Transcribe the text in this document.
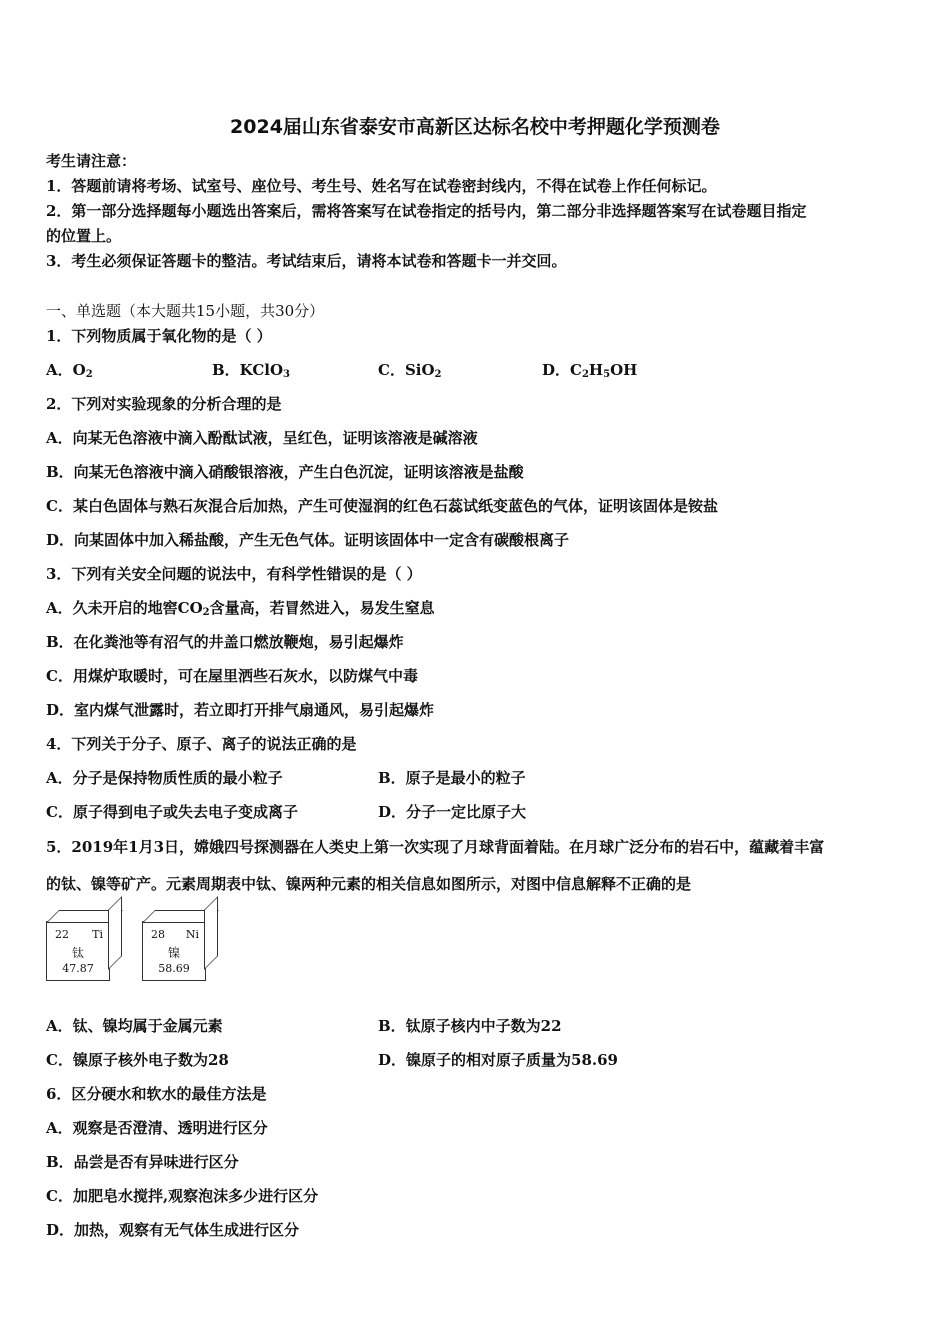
2024届山东省泰安市高新区达标名校中考押题化学预测卷
考生请注意：
1．答题前请将考场、试室号、座位号、考生号、姓名写在试卷密封线内，不得在试卷上作任何标记。
2．第一部分选择题每小题选出答案后，需将答案写在试卷指定的括号内，第二部分非选择题答案写在试卷题目指定
的位置上。
3．考生必须保证答题卡的整洁。考试结束后，请将本试卷和答题卡一并交回。
一、单选题（本大题共15小题，共30分）
1．下列物质属于氧化物的是（ ）
A．$O_2$	B．KClO$_3$	C．SiO$_2$	D．$C_2H_5OH$
2．下列对实验现象的分析合理的是
A．向某无色溶液中滴入酚酞试液，呈红色，证明该溶液是碱溶液
B．向某无色溶液中滴入硝酸银溶液，产生白色沉淀，证明该溶液是盐酸
C．某白色固体与熟石灰混合后加热，产生可使湿润的红色石蕊试纸变蓝色的气体，证明该固体是铵盐
D．向某固体中加入稀盐酸，产生无色气体。证明该固体中一定含有碳酸根离子
3．下列有关安全问题的说法中，有科学性错误的是（ ）
A．久未开启的地窖$CO_2$含量高，若冒然进入，易发生窒息
B．在化粪池等有沼气的井盖口燃放鞭炮，易引起爆炸
C．用煤炉取暖时，可在屋里洒些石灰水，以防煤气中毒
D．室内煤气泄露时，若立即打开排气扇通风，易引起爆炸
4．下列关于分子、原子、离子的说法正确的是
A．分子是保持物质性质的最小粒子	B．原子是最小的粒子
C．原子得到电子或失去电子变成离子	D．分子一定比原子大
5．2019年1月3日，嫦娥四号探测器在人类史上第一次实现了月球背面着陆。在月球广泛分布的岩石中，蕴藏着丰富
的钛、镍等矿产。元素周期表中钛、镍两种元素的相关信息如图所示，对图中信息解释不正确的是
22 Ti
钛
47.87
28 Ni
镍
58.69
A．钛、镍均属于金属元素	B．钛原子核内中子数为22
C．镍原子核外电子数为28	D．镍原子的相对原子质量为58.69
6．区分硬水和软水的最佳方法是
A．观察是否澄清、透明进行区分
B．品尝是否有异味进行区分
C．加肥皂水搅拌,观察泡沫多少进行区分
D．加热，观察有无气体生成进行区分
